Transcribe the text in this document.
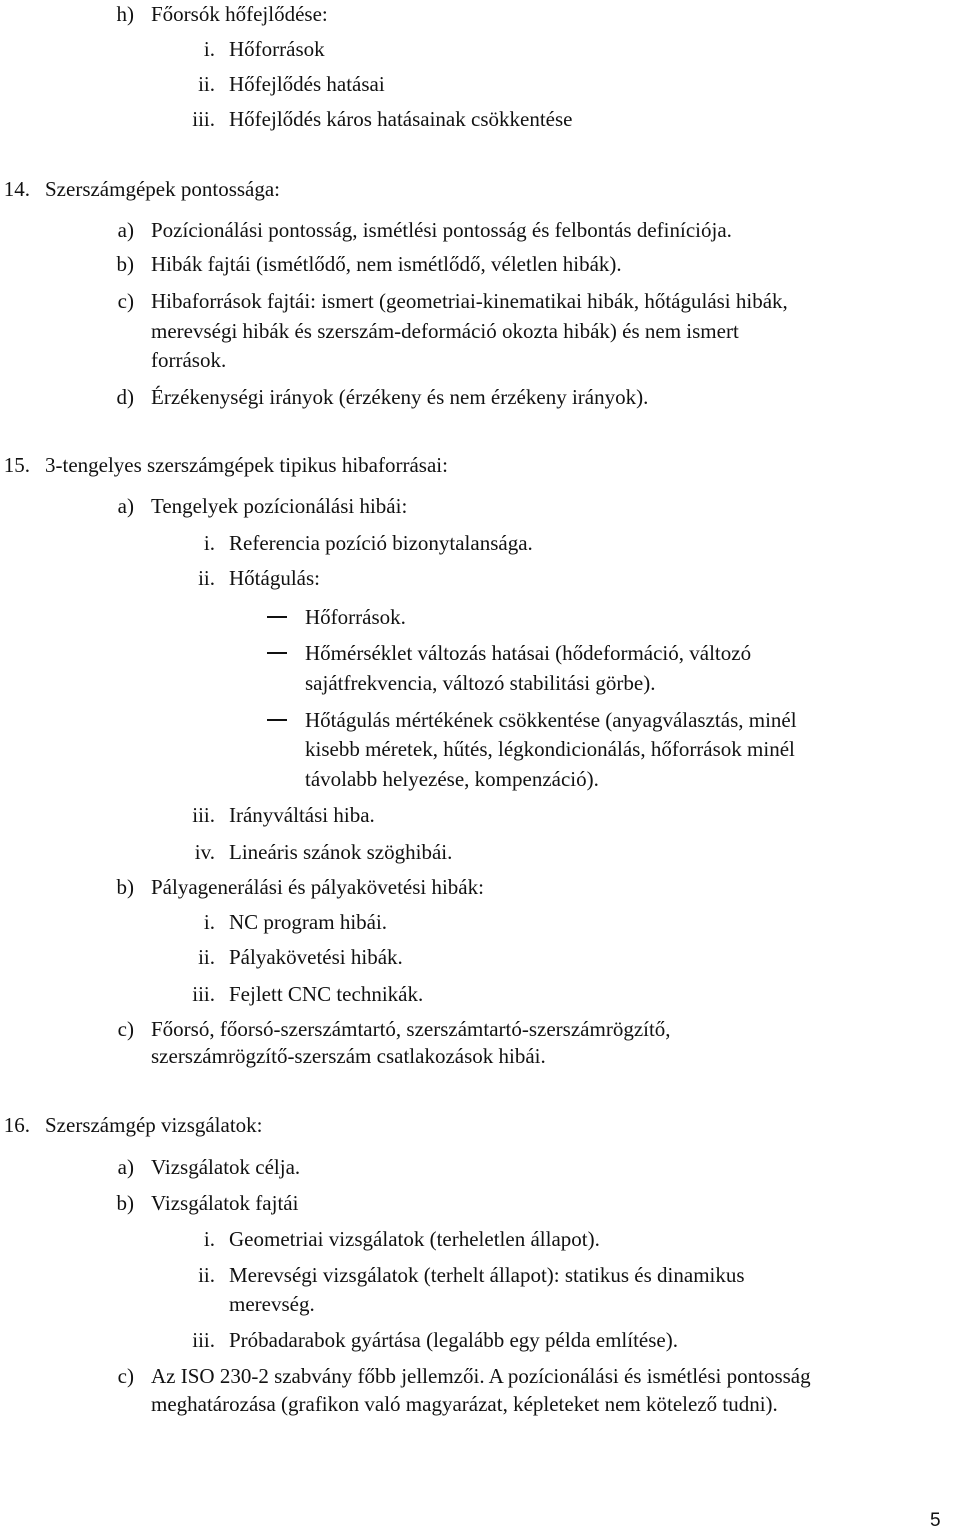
h) Főorsók hőfejlődése:
i. Hőforrások
ii. Hőfejlődés hatásai
iii. Hőfejlődés káros hatásainak csökkentése
14. Szerszámgépek pontossága:
a) Pozícionálási pontosság, ismétlési pontosság és felbontás definíciója.
b) Hibák fajtái (ismétlődő, nem ismétlődő, véletlen hibák).
c) Hibaforrások fajtái: ismert (geometriai-kinematikai hibák, hőtágulási hibák,
merevségi hibák és szerszám-deformáció okozta hibák) és nem ismert
források.
d) Érzékenységi irányok (érzékeny és nem érzékeny irányok).
15. 3-tengelyes szerszámgépek tipikus hibaforrásai:
a) Tengelyek pozícionálási hibái:
i. Referencia pozíció bizonytalansága.
ii. Hőtágulás:
Hőforrások.
Hőmérséklet változás hatásai (hődeformáció, változó
sajátfrekvencia, változó stabilitási görbe).
Hőtágulás mértékének csökkentése (anyagválasztás, minél
kisebb méretek, hűtés, légkondicionálás, hőforrások minél
távolabb helyezése, kompenzáció).
iii. Irányváltási hiba.
iv. Lineáris szánok szöghibái.
b) Pályagenerálási és pályakövetési hibák:
i. NC program hibái.
ii. Pályakövetési hibák.
iii. Fejlett CNC technikák.
c) Főorsó, főorsó-szerszámtartó, szerszámtartó-szerszámrögzítő,
szerszámrögzítő-szerszám csatlakozások hibái.
16. Szerszámgép vizsgálatok:
a) Vizsgálatok célja.
b) Vizsgálatok fajtái
i. Geometriai vizsgálatok (terheletlen állapot).
ii. Merevségi vizsgálatok (terhelt állapot): statikus és dinamikus
merevség.
iii. Próbadarabok gyártása (legalább egy példa említése).
c) Az ISO 230-2 szabvány főbb jellemzői. A pozícionálási és ismétlési pontosság
meghatározása (grafikon való magyarázat, képleteket nem kötelező tudni).
5
